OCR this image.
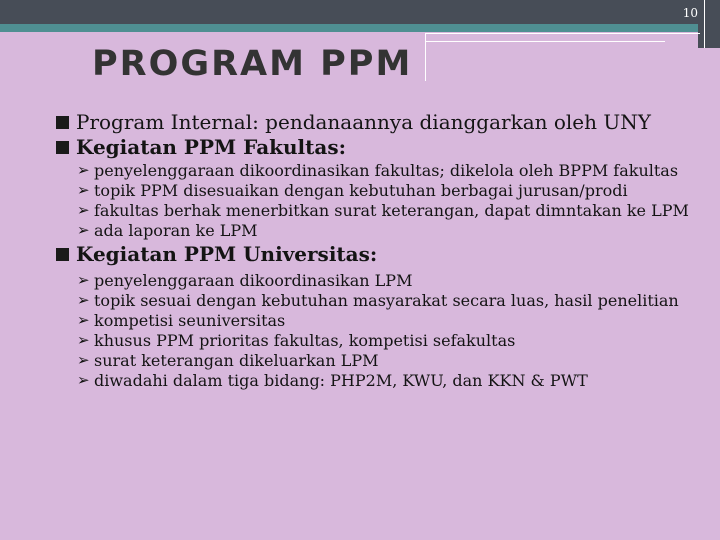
10
PROGRAM PPM
Program Internal: pendanaannya dianggarkan oleh UNY
Kegiatan PPM Fakultas:
➢ penyelenggaraan dikoordinasikan fakultas; dikelola oleh BPPM fakultas
➢ topik PPM disesuaikan dengan kebutuhan berbagai jurusan/prodi
➢ fakultas berhak menerbitkan surat keterangan, dapat dimntakan ke LPM
➢ ada laporan ke LPM
Kegiatan PPM Universitas:
➢ penyelenggaraan dikoordinasikan LPM
➢ topik sesuai dengan kebutuhan masyarakat secara luas, hasil penelitian
➢ kompetisi seuniversitas
➢ khusus PPM prioritas fakultas, kompetisi sefakultas
➢ surat keterangan dikeluarkan LPM
➢ diwadahi dalam tiga bidang: PHP2M, KWU, dan KKN & PWT
